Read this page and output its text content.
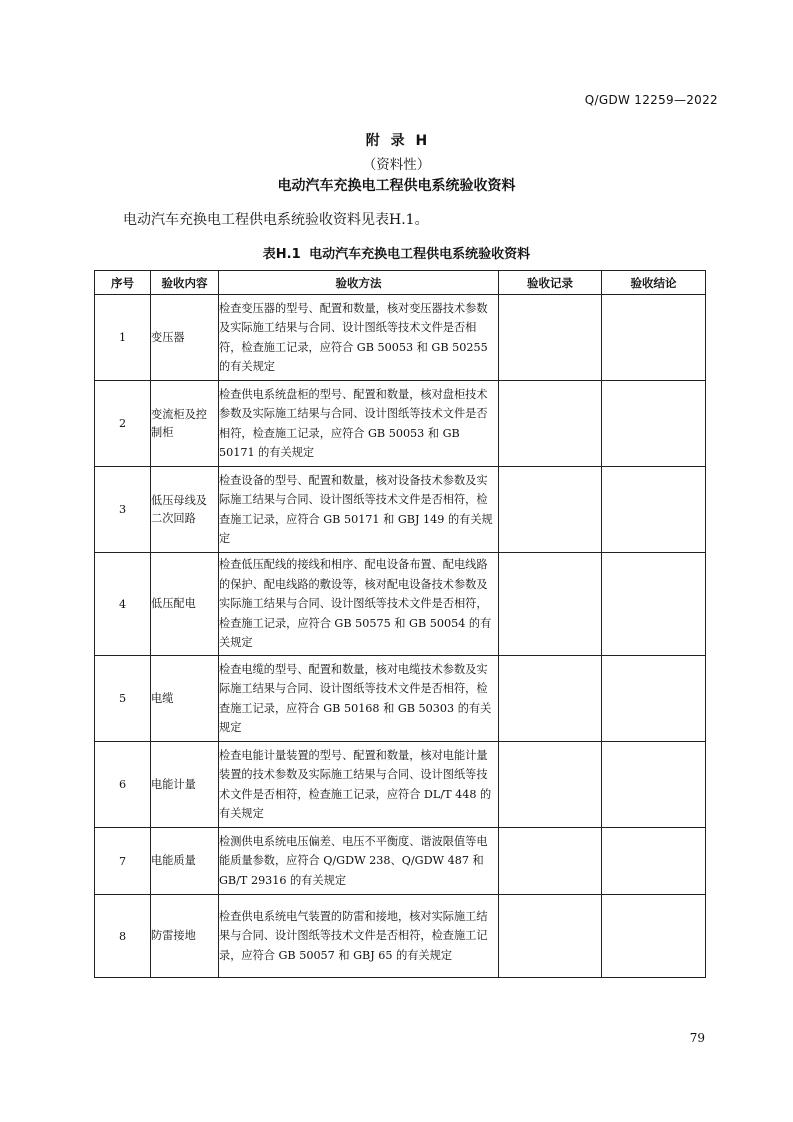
Q/GDW 12259—2022
附 录 H
（资料性）
电动汽车充换电工程供电系统验收资料
电动汽车充换电工程供电系统验收资料见表H.1。
表H.1 电动汽车充换电工程供电系统验收资料
序号	验收内容	验收方法	验收记录	验收结论
1	变压器	检查变压器的型号、配置和数量，核对变压器技术参数及实际施工结果与合同、设计图纸等技术文件是否相符，检查施工记录，应符合 GB 50053 和 GB 50255 的有关规定		
2	变流柜及控制柜	检查供电系统盘柜的型号、配置和数量，核对盘柜技术参数及实际施工结果与合同、设计图纸等技术文件是否相符，检查施工记录，应符合 GB 50053 和 GB 50171 的有关规定		
3	低压母线及二次回路	检查设备的型号、配置和数量，核对设备技术参数及实际施工结果与合同、设计图纸等技术文件是否相符，检查施工记录，应符合 GB 50171 和 GBJ 149 的有关规定		
4	低压配电	检查低压配线的接线和相序、配电设备布置、配电线路的保护、配电线路的敷设等，核对配电设备技术参数及实际施工结果与合同、设计图纸等技术文件是否相符，检查施工记录，应符合 GB 50575 和 GB 50054 的有关规定		
5	电缆	检查电缆的型号、配置和数量，核对电缆技术参数及实际施工结果与合同、设计图纸等技术文件是否相符，检查施工记录，应符合 GB 50168 和 GB 50303 的有关规定		
6	电能计量	检查电能计量装置的型号、配置和数量，核对电能计量装置的技术参数及实际施工结果与合同、设计图纸等技术文件是否相符，检查施工记录，应符合 DL/T 448 的有关规定		
7	电能质量	检测供电系统电压偏差、电压不平衡度、谐波限值等电能质量参数，应符合 Q/GDW 238、Q/GDW 487 和 GB/T 29316 的有关规定		
8	防雷接地	检查供电系统电气装置的防雷和接地，核对实际施工结果与合同、设计图纸等技术文件是否相符，检查施工记录，应符合 GB 50057 和 GBJ 65 的有关规定		
79
